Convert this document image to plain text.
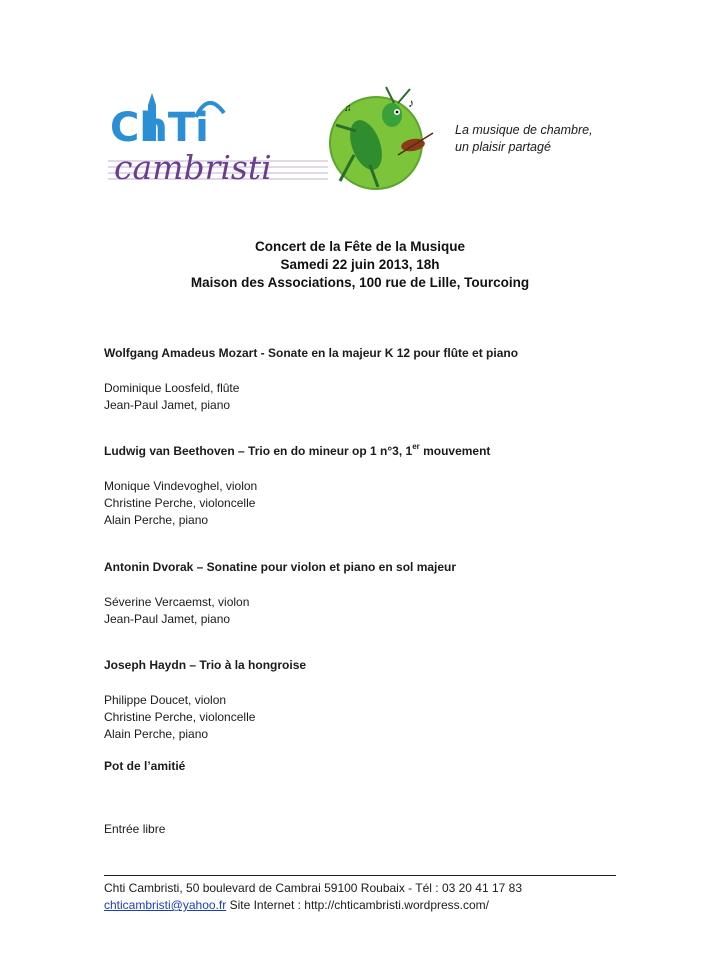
ChTi
cambristi
♪
♫
La musique de chambre,
un plaisir partagé
Concert de la Fête de la Musique
Samedi 22 juin 2013, 18h
Maison des Associations, 100 rue de Lille, Tourcoing
Wolfgang Amadeus Mozart - Sonate en la majeur K 12 pour flûte et piano
Dominique Loosfeld, flûte
Jean-Paul Jamet, piano
Ludwig van Beethoven – Trio en do mineur op 1 n°3, 1er mouvement
Monique Vindevoghel, violon
Christine Perche, violoncelle
Alain Perche, piano
Antonin Dvorak – Sonatine pour violon et piano en sol majeur
Séverine Vercaemst, violon
Jean-Paul Jamet, piano
Joseph Haydn – Trio à la hongroise
Philippe Doucet, violon
Christine Perche, violoncelle
Alain Perche, piano
Pot de l’amitié
Entrée libre
Chti Cambristi, 50 boulevard de Cambrai 59100 Roubaix - Tél : 03 20 41 17 83
chticambristi@yahoo.fr Site Internet : http://chticambristi.wordpress.com/
